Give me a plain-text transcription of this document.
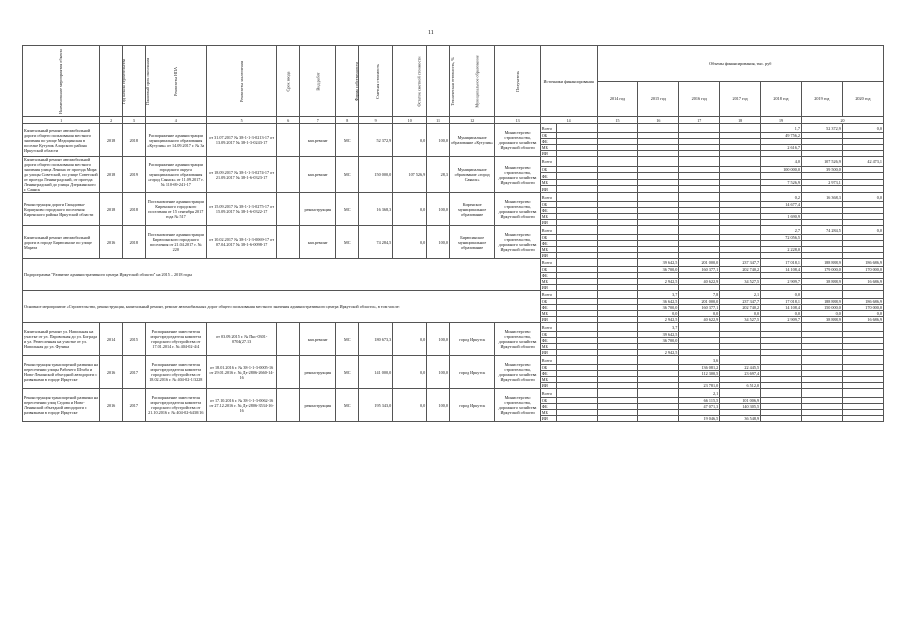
11
Наименование мероприятия объекта	Год начала строительства	Плановый срок окончания	Реквизиты НПА	Реквизиты заключения	Срок ввода	Вид работ	Форма собственности	Сметная стоимость	Остаток сметной стоимости	Техническая готовность, %	Муниципальное образование	Получатель	Источники финансирования		Объемы финансирования, тыс. руб						
															2014 год	2015 год	2016 год	2017 год	2018 год	2019 год	2020 год
1	2	3	4	5	6	7	8	9	10	11	12	13	14		15	16	17	18	19	20	
Капитальный ремонт автомобильной дороги общего пользования местного значения по улице Медицинская в поселке Кутулик Аларского района Иркутской области	2018	2018	Распоряжение администрации муниципального образования «Кутулик» от 14.09.2017 г. № 3а	от 31.07.2017 № 38-1-1-3-0213-17 от 13.09.2017 № 38-1-3-0243-17		кап.ремонт	МС	52 372,9	0,0	100,0	Муниципальное образование «Кутулик»	Министерство строительства, дорожного хозяйства Иркутской области	Всего						1,7	52 372,9	0,0
													ОБ						49 756,2		
													ФБ								
													МБ						2 616,7		
													ИИ								
Капитальный ремонт автомобильной дороги общего пользования местного значения улица Ленина от проезда Мира до улицы Советской, по улице Советской от проезда Ленинградский, от проезда Ленинградский до улицы Дзержинского г. Саянск	2018	2019	Распоряжение администрации городского округа муниципального образования «город Саянск» от 11.09.2017 г. № 110-69-241-17	от 18.09.2017 № 38-1-1-3-0274-17 от 21.09.2017 № 38-1-6-0323-17		кап.ремонт	МС	150 000,0	107 526,9	28,3	Муниципальное образование «город Саянск»	Министерство строительства, дорожного хозяйства Иркутской области	Всего						4,0	107 526,9	42 473,1
													ОБ						100 000,0	39 500,0	
													ФБ								
													МБ						7 526,9	2 973,1	
													ИИ								
Реконструкция дороги Гаиндовка-Коршуново городского поселения Киренского района Иркутской области	2018	2018	Постановление администрации Киренского городского поселения от 15 сентября 2017 года № 517	от 15.09.2017 № 38-1-1-3-0275-17 от 15.09.2017 № 38-1-6-0322-17		реконструкция	МС	16 368,3	0,0	100,0	Киренское муниципальное образование	Министерство строительства, дорожного хозяйства Иркутской области	Всего						0,2	16 368,3	0,0
													ОБ						14 677,4		
													ФБ								
													МБ						1 690,9		
													ИИ								
Капитальный ремонт автомобильной дороги в городе Бирюсинске по улице Марата	2016	2018	Постановление администрации Бирюсинского городского поселения от 21.04.2017 г. № 220	от 10.02.2017 № 38-1-1-3-0069-17 от 07.04.2017 № 38-1-6-0098-17		кап.ремонт	МС	74 284,5	0,0	100,0	Бирюсинское муниципальное образование	Министерство строительства, дорожного хозяйства Иркутской области	Всего						2,7	74 284,5	0,0
													ОБ						72 056,5		
													ФБ								
													МБ						2 228,0		
													ИИ								
Подпрограмма "Развитие административного центра Иркутской области" на 2015 – 2018 годы													Всего			39 642,5	201 000,0	237 347,7	17 018,1	188 888,9	186 686,9
													ОБ			36 700,0	160 377,1	202 740,2	14 108,4	179 000,0	170 000,0
													ФБ								
													МБ			2 942,5	40 622,9	34 527,5	2 909,7	38 888,9	16 686,9
													ИИ								
Основное мероприятие «Строительство, реконструкция, капитальный ремонт, ремонт автомобильных дорог общего пользования местного значения административного центра Иркутской области», в том числе:													Всего			3,7	7,8	2,1	0,0		
													ОБ			36 642,5	201 000,0	237 347,7	17 018,1	188 888,9	186 686,9
													ФБ			36 700,0	160 377,1	202 740,2	14 108,4	150 000,0	170 000,0
													МБ			0,0	0,0	0,0	0,0	0,0	0,0
													ИИ			2 942,5	40 622,9	34 527,5	2 909,7	38 888,9	16 686,9
Капитальный ремонт ул. Напольная на участке от ул. Паровозная до ул. Бограда и ул. Ремесленная на участке от ул. Напольная до ул. Фучика	2014	2015	Распоряжение заместителя мэра-председателя комитета городского обустройства от 17.01.2014 г. № 404-02-4/4	от 03.09.2015 г. № Пкс-0301-0704(27.13		кап.ремонт	МС	180 673,3	0,0	100,0	город Иркутск	Министерство строительства, дорожного хозяйства Иркутской области	Всего			3,7					
													ОБ			39 642,5					
													ФБ			36 700,0					
													МБ								
													ИИ			2 942,5					
Реконструкция транспортной развязки на пересечении улицы Рабочего Штаба и Ново-Ленинской объездной автодороги с развязками в городе Иркутске	2016	2017	Распоряжение заместителя мэра-председателя комитета городского обустройства от 18.02.2016 г. № 404-02-1/3228	от 18.01.2016 г. № 38-1-1-3-0005-16 от 29.01.2016 г. № Дз-2806-2660-14-16		реконструкция	МС	141 000,0	0,0	100,0	город Иркутск	Министерство строительства, дорожного хозяйства Иркутской области	Всего				3,6				
													ОБ				136 081,2	22 445,5			
													ФБ				112 300,5	23 697,4			
													МБ								
													ИИ				23 781,0	6 512,0			
Реконструкция транспортной развязки на пересечении улиц Седова и Ново-Ленинской объездной автодороги с развязками в городе Иркутске	2016	2017	Распоряжение заместителя мэра-председателя комитета городского обустройства от 21.10.2016 г. № 404-02-6430/16	от 17.10.2016 г. № 38-1-1-3-0062-16 от 27.12.2016 г. № Дз-2806-3534-16-16		реконструкция	МС	195 343,0	0,0	100,0	город Иркутск	Министерство строительства, дорожного хозяйства Иркутской области	Всего				2,1				
													ОБ				66 115,5	101 006,9			
													ФБ				47 071,3	140 305,5			
													МБ								
													ИИ				19 046,5	36 548,9			
